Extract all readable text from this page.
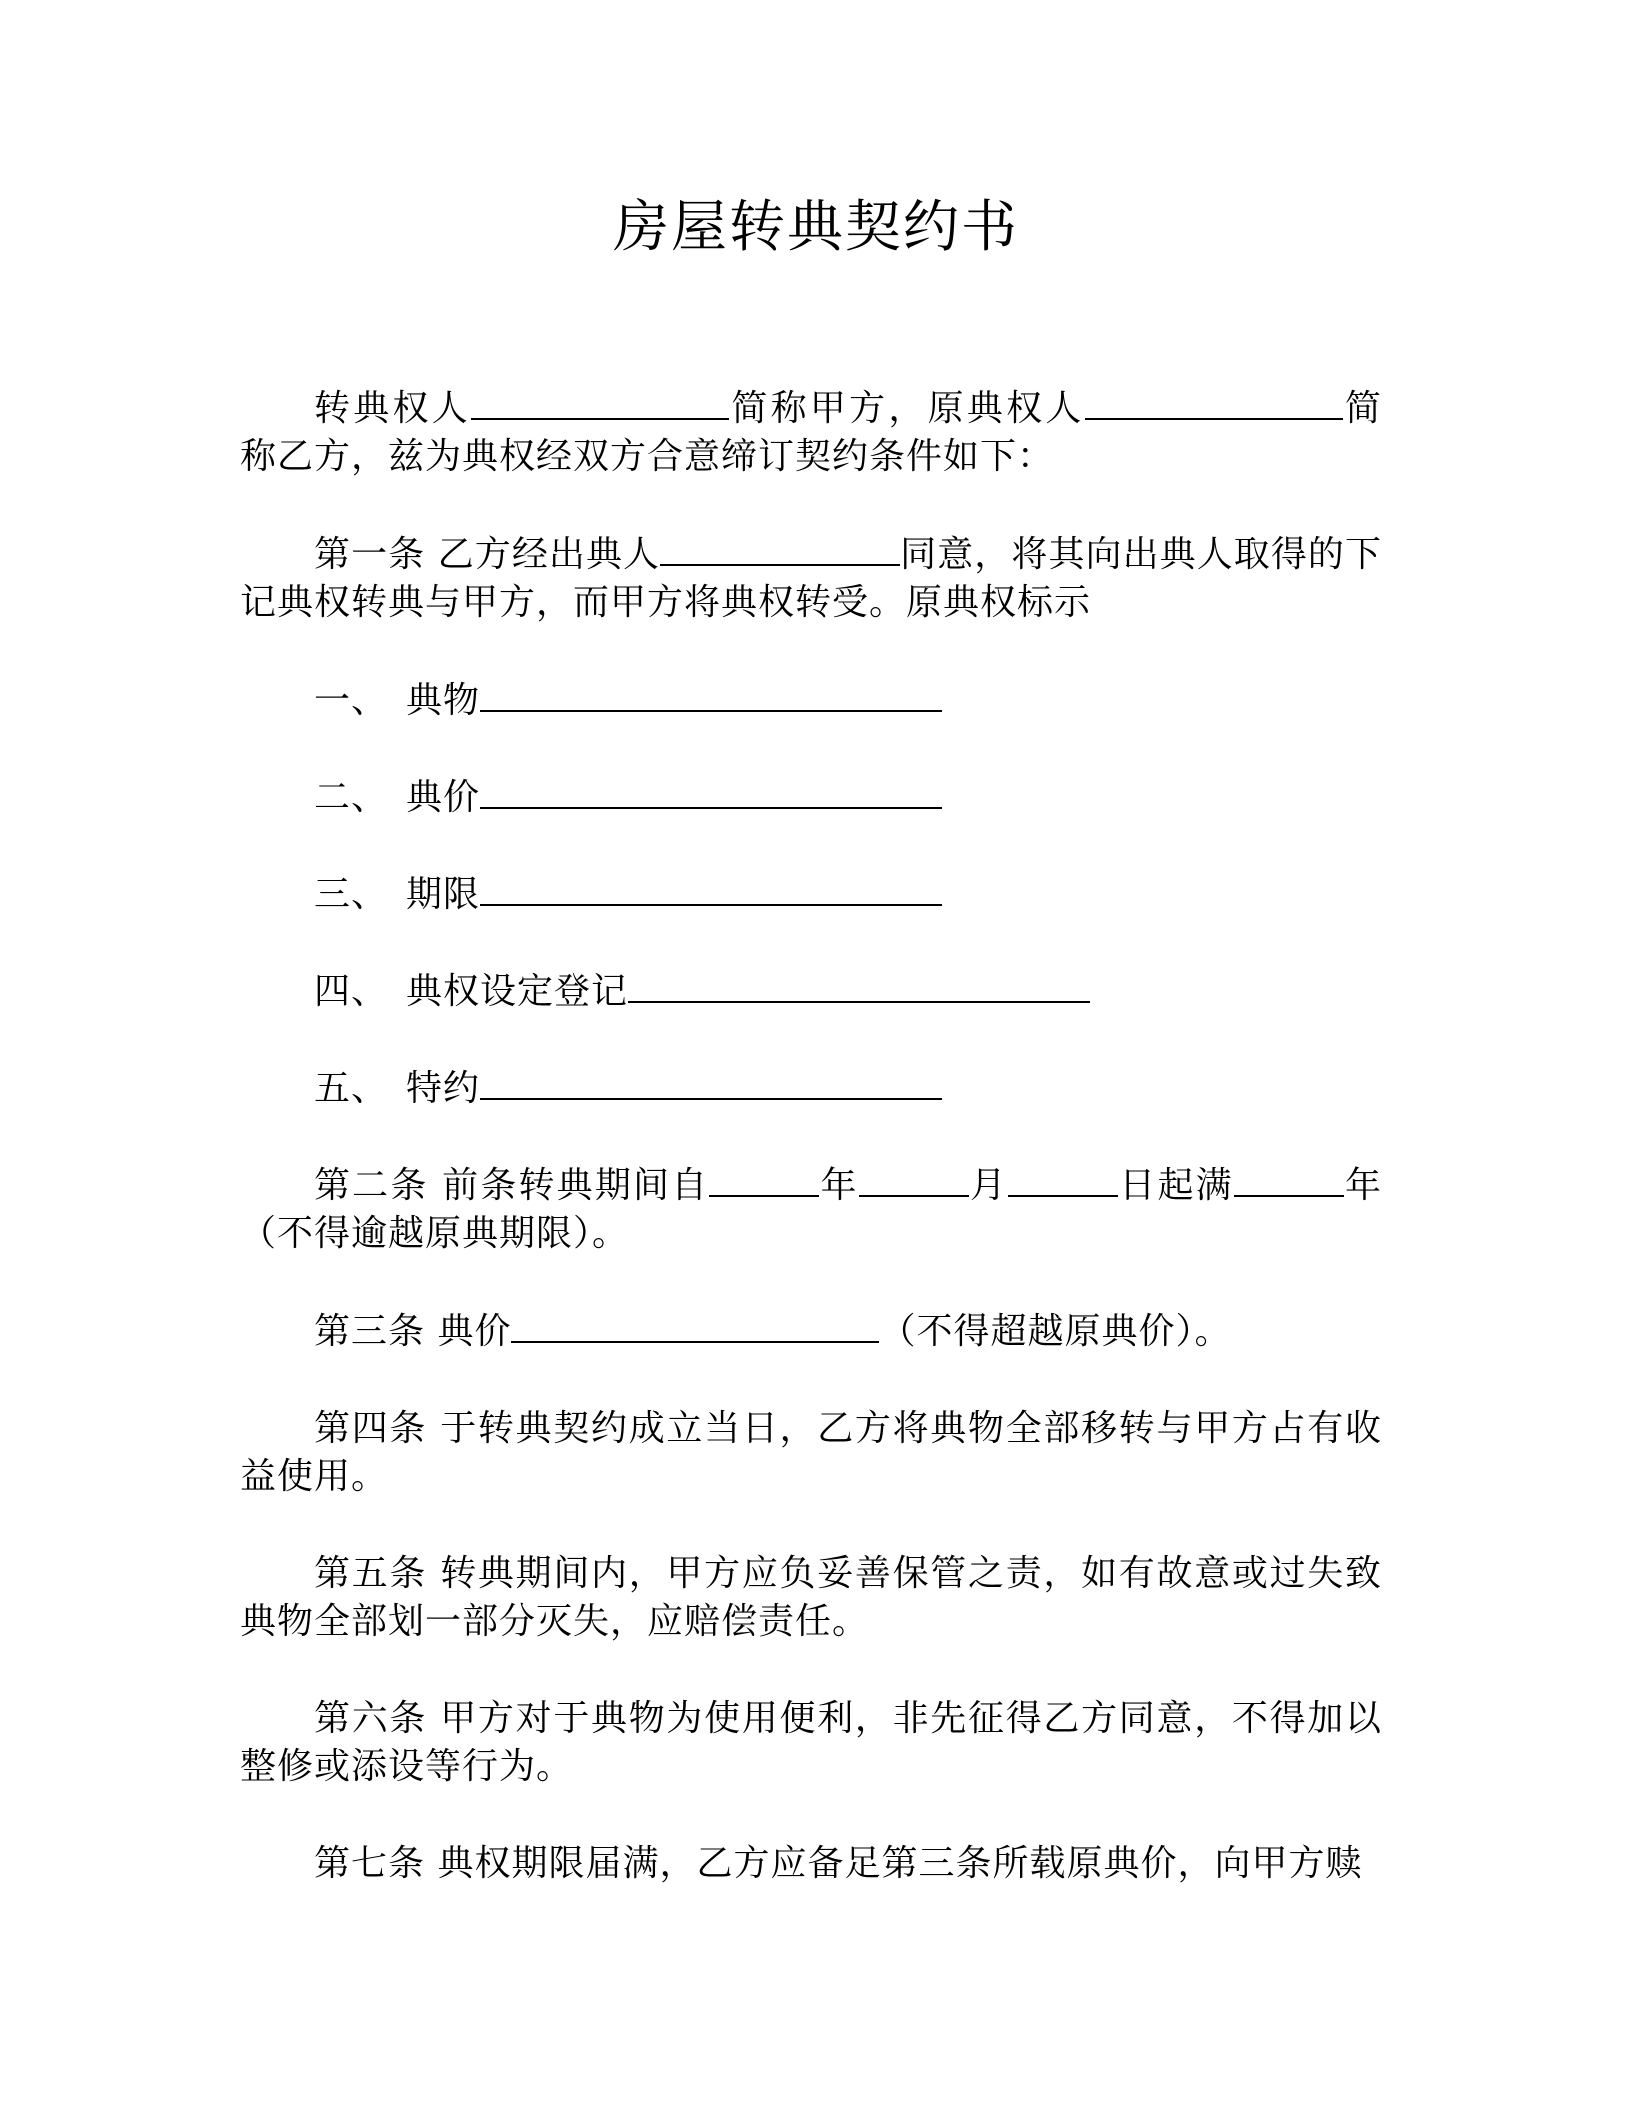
房屋转典契约书

转典权人	简称甲方，原典权人	简称乙方，兹为典权经双方合意缔订契约条件如下：

第一条 乙方经出典人	同意，将其向出典人取得的下记典权转典与甲方，而甲方将典权转受。原典权标示

一、 典物
二、 典价
三、 期限
四、 典权设定登记
五、 特约

第二条 前条转典期间自	年	月	日起满	年（不得逾越原典期限）。

第三条 典价	（不得超越原典价）。

第四条 于转典契约成立当日，乙方将典物全部移转与甲方占有收益使用。

第五条 转典期间内，甲方应负妥善保管之责，如有故意或过失致典物全部划一部分灭失，应赔偿责任。

第六条 甲方对于典物为使用便利，非先征得乙方同意，不得加以整修或添设等行为。

第七条 典权期限届满，乙方应备足第三条所载原典价，向甲方赎
